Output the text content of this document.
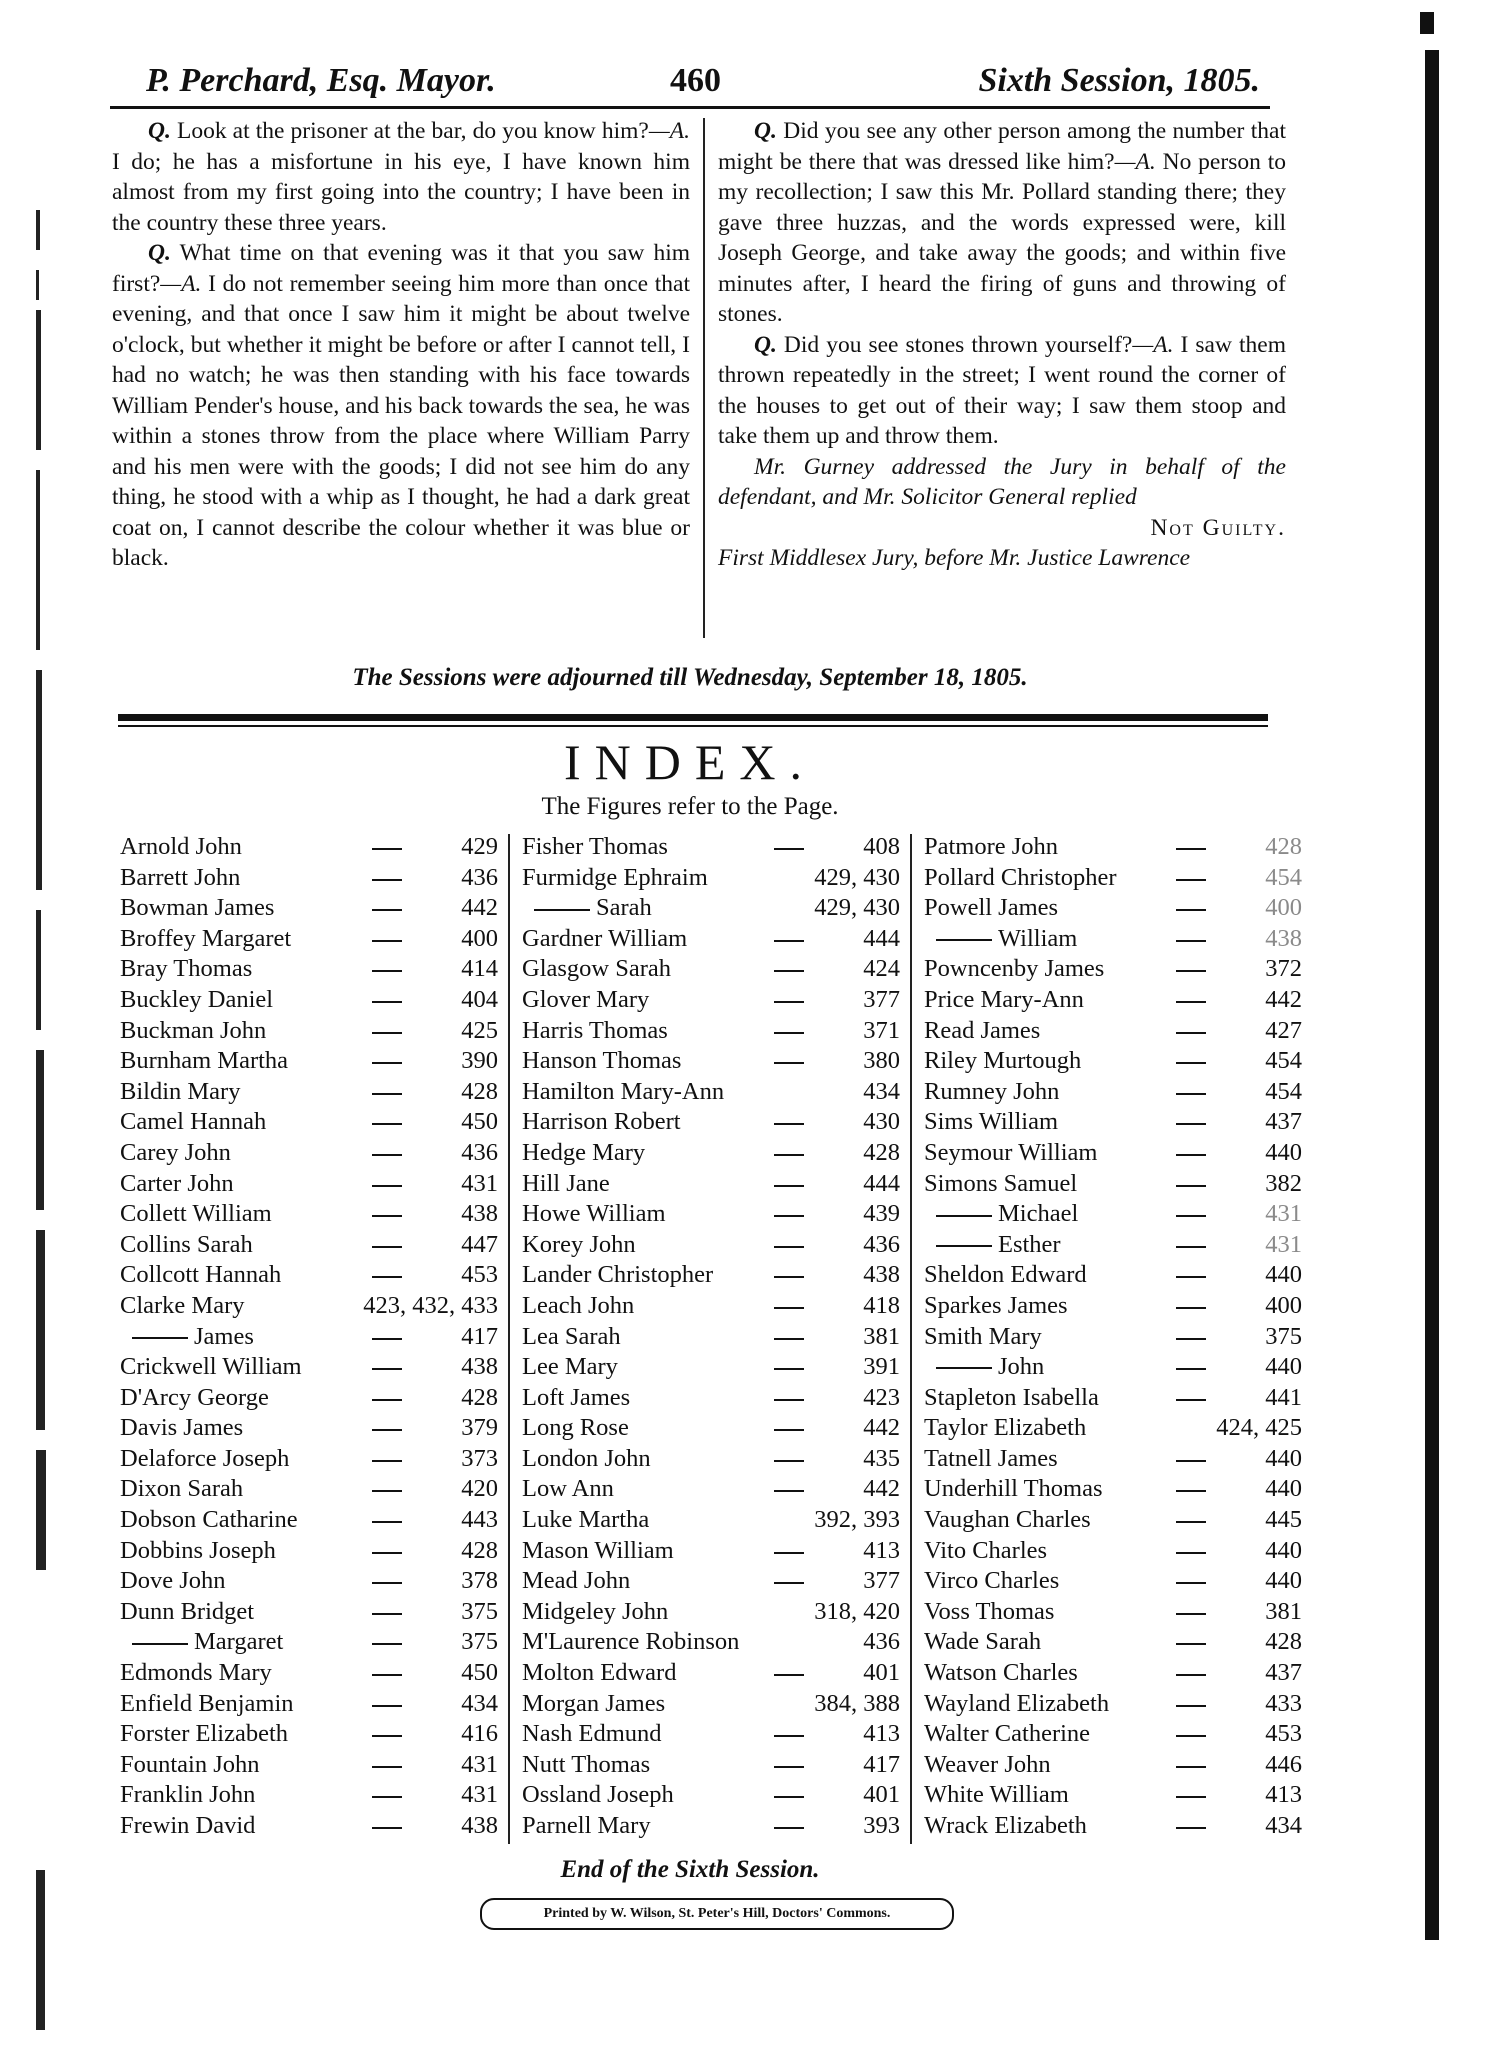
P. Perchard, Esq. Mayor.	460	Sixth Session, 1805.

Q. Look at the prisoner at the bar, do you know him?—A. I do; he has a misfortune in his eye, I have known him almost from my first going into the country; I have been in the country these three years.

Q. What time on that evening was it that you saw him first?—A. I do not remember seeing him more than once that evening, and that once I saw him it might be about twelve o'clock, but whether it might be before or after I cannot tell, I had no watch; he was then standing with his face towards William Pender's house, and his back towards the sea, he was within a stones throw from the place where William Parry and his men were with the goods; I did not see him do any thing, he stood with a whip as I thought, he had a dark great coat on, I cannot describe the colour whether it was blue or black.

Q. Did you see any other person among the number that might be there that was dressed like him?—A. No person to my recollection; I saw this Mr. Pollard standing there; they gave three huzzas, and the words expressed were, kill Joseph George, and take away the goods; and within five minutes after, I heard the firing of guns and throwing of stones.

Q. Did you see stones thrown yourself?—A. I saw them thrown repeatedly in the street; I went round the corner of the houses to get out of their way; I saw them stoop and take them up and throw them.

Mr. Gurney addressed the Jury in behalf of the defendant, and Mr. Solicitor General replied

Not Guilty.

First Middlesex Jury, before Mr. Justice Lawrence

The Sessions were adjourned till Wednesday, September 18, 1805.
INDEX.
The Figures refer to the Page.
Arnold John	429
Barrett John	436
Bowman James	442
Broffey Margaret	400
Bray Thomas	414
Buckley Daniel	404
Buckman John	425
Burnham Martha	390
Bildin Mary	428
Camel Hannah	450
Carey John	436
Carter John	431
Collett William	438
Collins Sarah	447
Collcott Hannah	453
Clarke Mary	423, 432, 433
James	417
Crickwell William	438
D'Arcy George	428
Davis James	379
Delaforce Joseph	373
Dixon Sarah	420
Dobson Catharine	443
Dobbins Joseph	428
Dove John	378
Dunn Bridget	375
Margaret	375
Edmonds Mary	450
Enfield Benjamin	434
Forster Elizabeth	416
Fountain John	431
Franklin John	431
Frewin David	438
Fisher Thomas	408
Furmidge Ephraim	429, 430
Sarah	429, 430
Gardner William	444
Glasgow Sarah	424
Glover Mary	377
Harris Thomas	371
Hanson Thomas	380
Hamilton Mary-Ann	434
Harrison Robert	430
Hedge Mary	428
Hill Jane	444
Howe William	439
Korey John	436
Lander Christopher	438
Leach John	418
Lea Sarah	381
Lee Mary	391
Loft James	423
Long Rose	442
London John	435
Low Ann	442
Luke Martha	392, 393
Mason William	413
Mead John	377
Midgeley John	318, 420
M'Laurence Robinson	436
Molton Edward	401
Morgan James	384, 388
Nash Edmund	413
Nutt Thomas	417
Ossland Joseph	401
Parnell Mary	393
Patmore John	428
Pollard Christopher	454
Powell James	400
William	438
Powncenby James	372
Price Mary-Ann	442
Read James	427
Riley Murtough	454
Rumney John	454
Sims William	437
Seymour William	440
Simons Samuel	382
Michael	431
Esther	431
Sheldon Edward	440
Sparkes James	400
Smith Mary	375
John	440
Stapleton Isabella	441
Taylor Elizabeth	424, 425
Tatnell James	440
Underhill Thomas	440
Vaughan Charles	445
Vito Charles	440
Virco Charles	440
Voss Thomas	381
Wade Sarah	428
Watson Charles	437
Wayland Elizabeth	433
Walter Catherine	453
Weaver John	446
White William	413
Wrack Elizabeth	434
End of the Sixth Session.
Printed by W. Wilson, St. Peter's Hill, Doctors' Commons.
